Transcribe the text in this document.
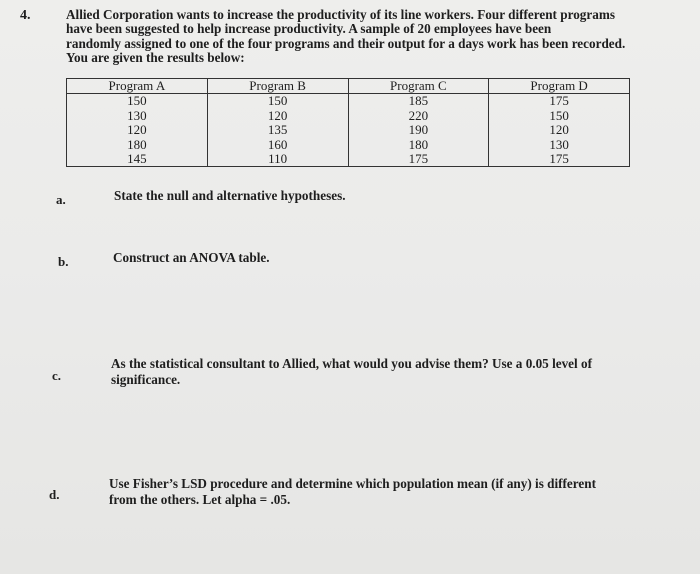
4.	Allied Corporation wants to increase the productivity of its line workers. Four different programs
have been suggested to help increase productivity. A sample of 20 employees have been
randomly assigned to one of the four programs and their output for a days work has been recorded.
You are given the results below:
Program A	Program B	Program C	Program D
150	150	185	175
130	120	220	150
120	135	190	120
180	160	180	130
145	110	175	175
a.	State the null and alternative hypotheses.
b.	Construct an ANOVA table.
c.
As the statistical consultant to Allied, what would you advise them? Use a 0.05 level of
significance.
d.
Use Fisher’s LSD procedure and determine which population mean (if any) is different
from the others. Let alpha = .05.
